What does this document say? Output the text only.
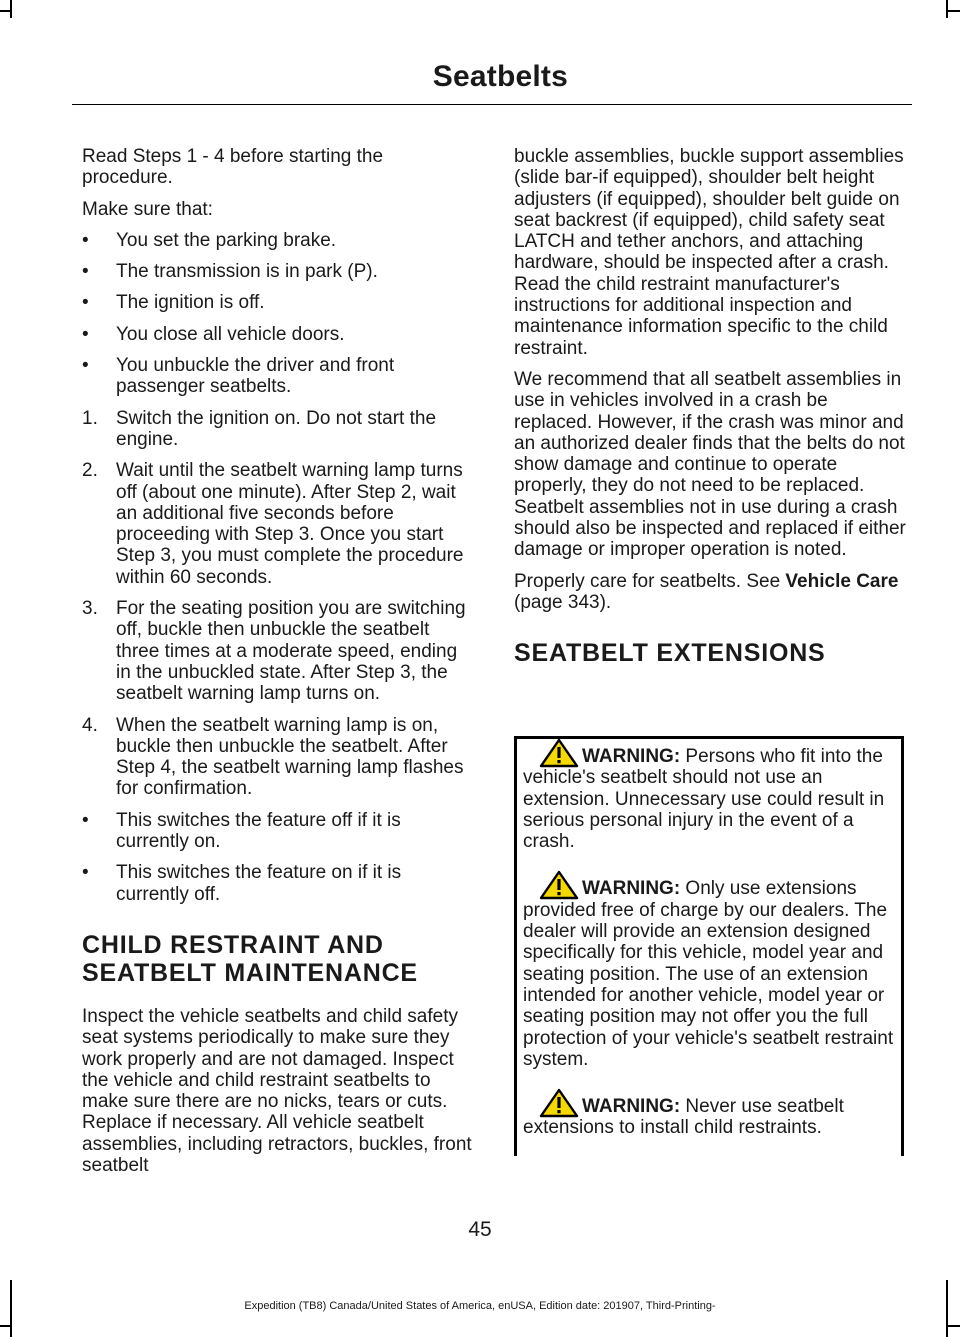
Seatbelts

Read Steps 1 - 4 before starting the procedure.

Make sure that:

• You set the parking brake.
• The transmission is in park (P).
• The ignition is off.
• You close all vehicle doors.
• You unbuckle the driver and front passenger seatbelts.
1. Switch the ignition on. Do not start the engine.
2. Wait until the seatbelt warning lamp turns off (about one minute). After Step 2, wait an additional five seconds before proceeding with Step 3. Once you start Step 3, you must complete the procedure within 60 seconds.
3. For the seating position you are switching off, buckle then unbuckle the seatbelt three times at a moderate speed, ending in the unbuckled state. After Step 3, the seatbelt warning lamp turns on.
4. When the seatbelt warning lamp is on, buckle then unbuckle the seatbelt. After Step 4, the seatbelt warning lamp flashes for confirmation.
• This switches the feature off if it is currently on.
• This switches the feature on if it is currently off.
CHILD RESTRAINT AND
SEATBELT MAINTENANCE

Inspect the vehicle seatbelts and child safety seat systems periodically to make sure they work properly and are not damaged. Inspect the vehicle and child restraint seatbelts to make sure there are no nicks, tears or cuts. Replace if necessary. All vehicle seatbelt assemblies, including retractors, buckles, front seatbelt

buckle assemblies, buckle support assemblies (slide bar-if equipped), shoulder belt height adjusters (if equipped), shoulder belt guide on seat backrest (if equipped), child safety seat LATCH and tether anchors, and attaching hardware, should be inspected after a crash. Read the child restraint manufacturer's instructions for additional inspection and maintenance information specific to the child restraint.

We recommend that all seatbelt assemblies in use in vehicles involved in a crash be replaced. However, if the crash was minor and an authorized dealer finds that the belts do not show damage and continue to operate properly, they do not need to be replaced. Seatbelt assemblies not in use during a crash should also be inspected and replaced if either damage or improper operation is noted.

Properly care for seatbelts. See Vehicle Care (page 343).

SEATBELT EXTENSIONS

WARNING: Persons who fit into the vehicle's seatbelt should not use an extension. Unnecessary use could result in serious personal injury in the event of a crash.

WARNING: Only use extensions provided free of charge by our dealers. The dealer will provide an extension designed specifically for this vehicle, model year and seating position. The use of an extension intended for another vehicle, model year or seating position may not offer you the full protection of your vehicle's seatbelt restraint system.

WARNING: Never use seatbelt extensions to install child restraints.

45

Expedition (TB8) Canada/United States of America, enUSA, Edition date: 201907, Third-Printing-
